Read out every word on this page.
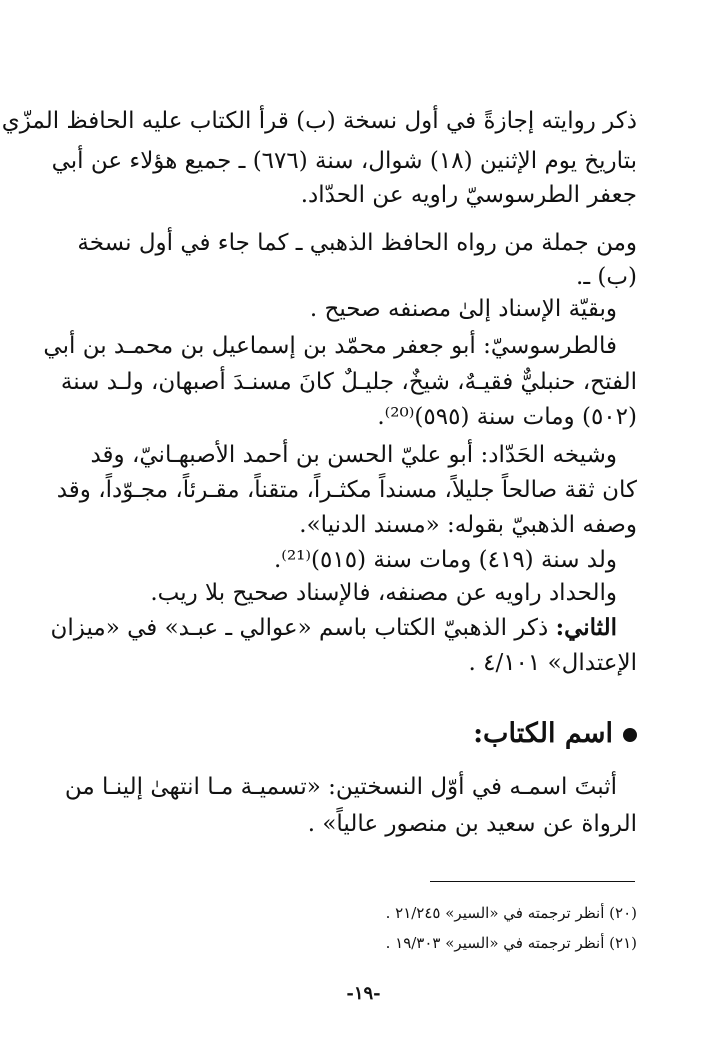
ذكر روايته إجازةً في أول نسخة (ب) قرأ الكتاب عليه الحافظ المزّي
بتاريخ يوم الإثنين (١٨) شوال، سنة (٦٧٦) ـ جميع هؤلاء عن أبي
جعفر الطرسوسيّ راويه عن الحدّاد.
ومن جملة من رواه الحافظ الذهبي ـ كما جاء في أول نسخة
(ب) ـ.
وبقيّة الإسناد إلىٰ مصنفه صحيح .
فالطرسوسيّ: أبو جعفر محمّد بن إسماعيل بن محمـد بن أبي
الفتح، حنبليٌّ فقيـهٌ، شيخٌ، جليـلٌ كانَ مسنـدَ أصبهان، ولـد سنة
(٥٠٢) ومات سنة (٥٩٥)⁽²⁰⁾.
وشيخه الحَدّاد: أبو عليّ الحسن بن أحمد الأصبهـانيّ، وقد
كان ثقة صالحاً جليلاً، مسنداً مكثـراً، متقناً، مقـرئاً، مجـوّداً، وقد
وصفه الذهبيّ بقوله: «مسند الدنيا».
ولد سنة (٤١٩) ومات سنة (٥١٥)⁽²¹⁾.
والحداد راويه عن مصنفه، فالإسناد صحيح بلا ريب.
الثاني: ذكر الذهبيّ الكتاب باسم «عوالي ـ عبـد» في «ميزان
الإعتدال» ٤/١٠١ .
اسم الكتاب:
أثبتَ اسمـه في أوّل النسختين: «تسميـة مـا انتهىٰ إلينـا من
الرواة عن سعيد بن منصور عالياً» .
(٢٠) أنظر ترجمته في «السير» ٢١/٢٤٥ .
(٢١) أنظر ترجمته في «السير» ١٩/٣٠٣ .
-١٩-
